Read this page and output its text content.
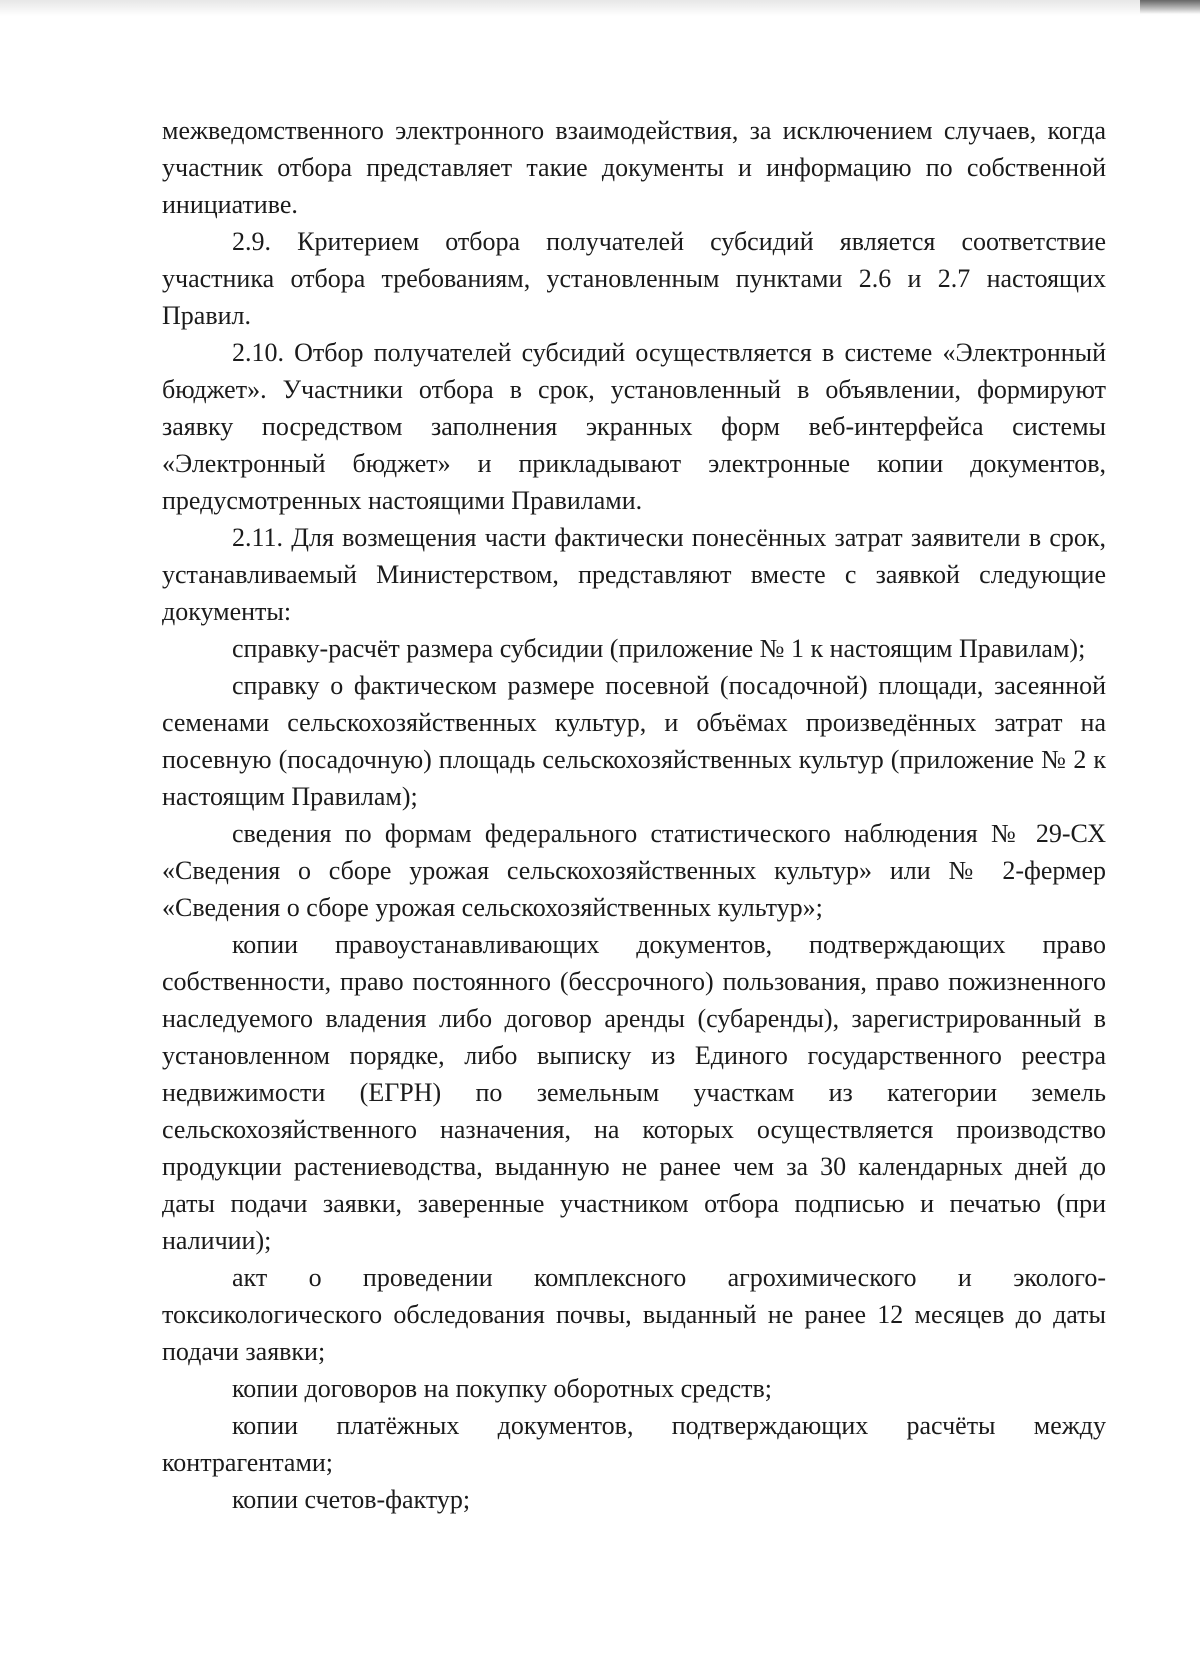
межведомственного электронного взаимодействия, за исключением случаев, когда участник отбора представляет такие документы и информацию по собственной инициативе.

2.9. Критерием отбора получателей субсидий является соответствие участника отбора требованиям, установленным пунктами 2.6 и 2.7 настоящих Правил.

2.10. Отбор получателей субсидий осуществляется в системе «Электронный бюджет». Участники отбора в срок, установленный в объявлении, формируют заявку посредством заполнения экранных форм веб-интерфейса системы «Электронный бюджет» и прикладывают электронные копии документов, предусмотренных настоящими Правилами.

2.11. Для возмещения части фактически понесённых затрат заявители в срок, устанавливаемый Министерством, представляют вместе с заявкой следующие документы:

справку-расчёт размера субсидии (приложение № 1 к настоящим Правилам);

справку о фактическом размере посевной (посадочной) площади, засеянной семенами сельскохозяйственных культур, и объёмах произведённых затрат на посевную (посадочную) площадь сельскохозяйственных культур (приложение № 2 к настоящим Правилам);

сведения по формам федерального статистического наблюдения № 29-СХ «Сведения о сборе урожая сельскохозяйственных культур» или № 2-фермер «Сведения о сборе урожая сельскохозяйственных культур»;

копии правоустанавливающих документов, подтверждающих право собственности, право постоянного (бессрочного) пользования, право пожизненного наследуемого владения либо договор аренды (субаренды), зарегистрированный в установленном порядке, либо выписку из Единого государственного реестра недвижимости (ЕГРН) по земельным участкам из категории земель сельскохозяйственного назначения, на которых осуществляется производство продукции растениеводства, выданную не ранее чем за 30 календарных дней до даты подачи заявки, заверенные участником отбора подписью и печатью (при наличии);

акт о проведении комплексного агрохимического и эколого-токсикологического обследования почвы, выданный не ранее 12 месяцев до даты подачи заявки;

копии договоров на покупку оборотных средств;

копии платёжных документов, подтверждающих расчёты между контрагентами;

копии счетов-фактур;
